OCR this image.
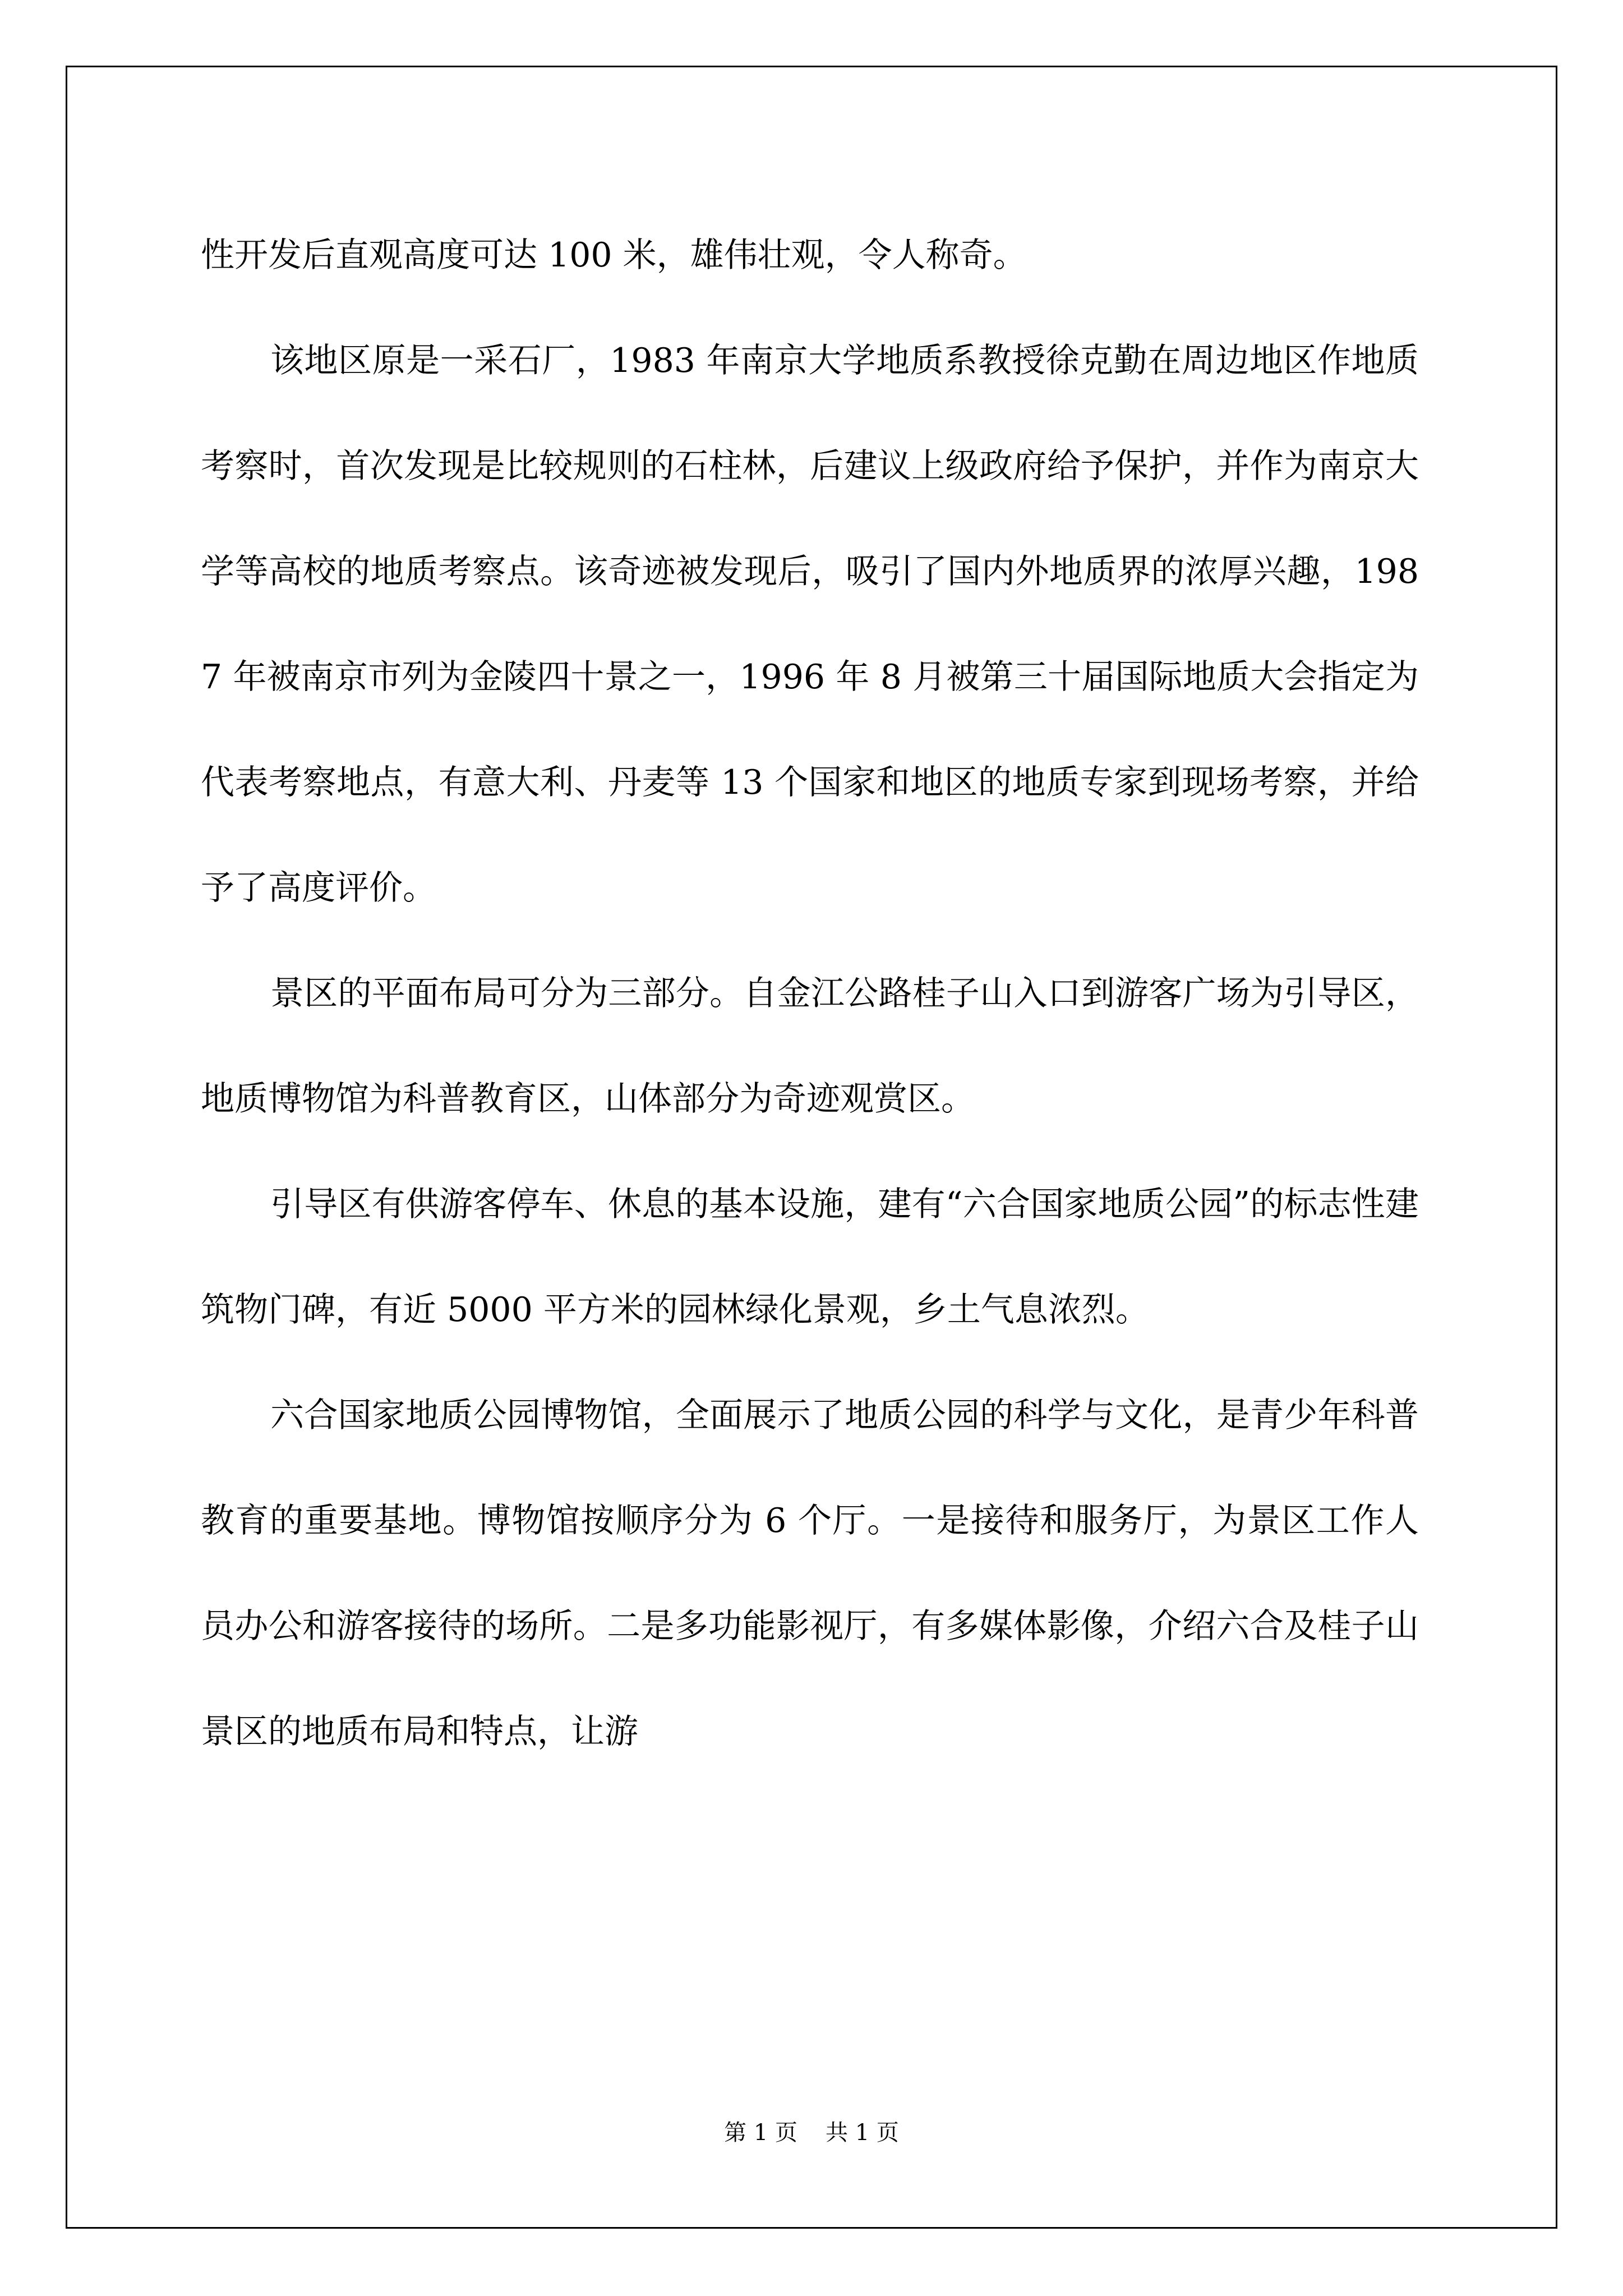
性开发后直观高度可达 100 米，雄伟壮观，令人称奇。

该地区原是一采石厂，1983 年南京大学地质系教授徐克勤在周边地区作地质考察时，首次发现是比较规则的石柱林，后建议上级政府给予保护，并作为南京大学等高校的地质考察点。该奇迹被发现后，吸引了国内外地质界的浓厚兴趣，1987 年被南京市列为金陵四十景之一，1996 年 8 月被第三十届国际地质大会指定为代表考察地点，有意大利、丹麦等 13 个国家和地区的地质专家到现场考察，并给予了高度评价。

景区的平面布局可分为三部分。自金江公路桂子山入口到游客广场为引导区，地质博物馆为科普教育区，山体部分为奇迹观赏区。

引导区有供游客停车、休息的基本设施，建有“六合国家地质公园”的标志性建筑物门碑，有近 5000 平方米的园林绿化景观，乡土气息浓烈。

六合国家地质公园博物馆，全面展示了地质公园的科学与文化，是青少年科普教育的重要基地。博物馆按顺序分为 6 个厅。一是接待和服务厅，为景区工作人员办公和游客接待的场所。二是多功能影视厅，有多媒体影像，介绍六合及桂子山景区的地质布局和特点，让游

第 1 页 共 1 页
